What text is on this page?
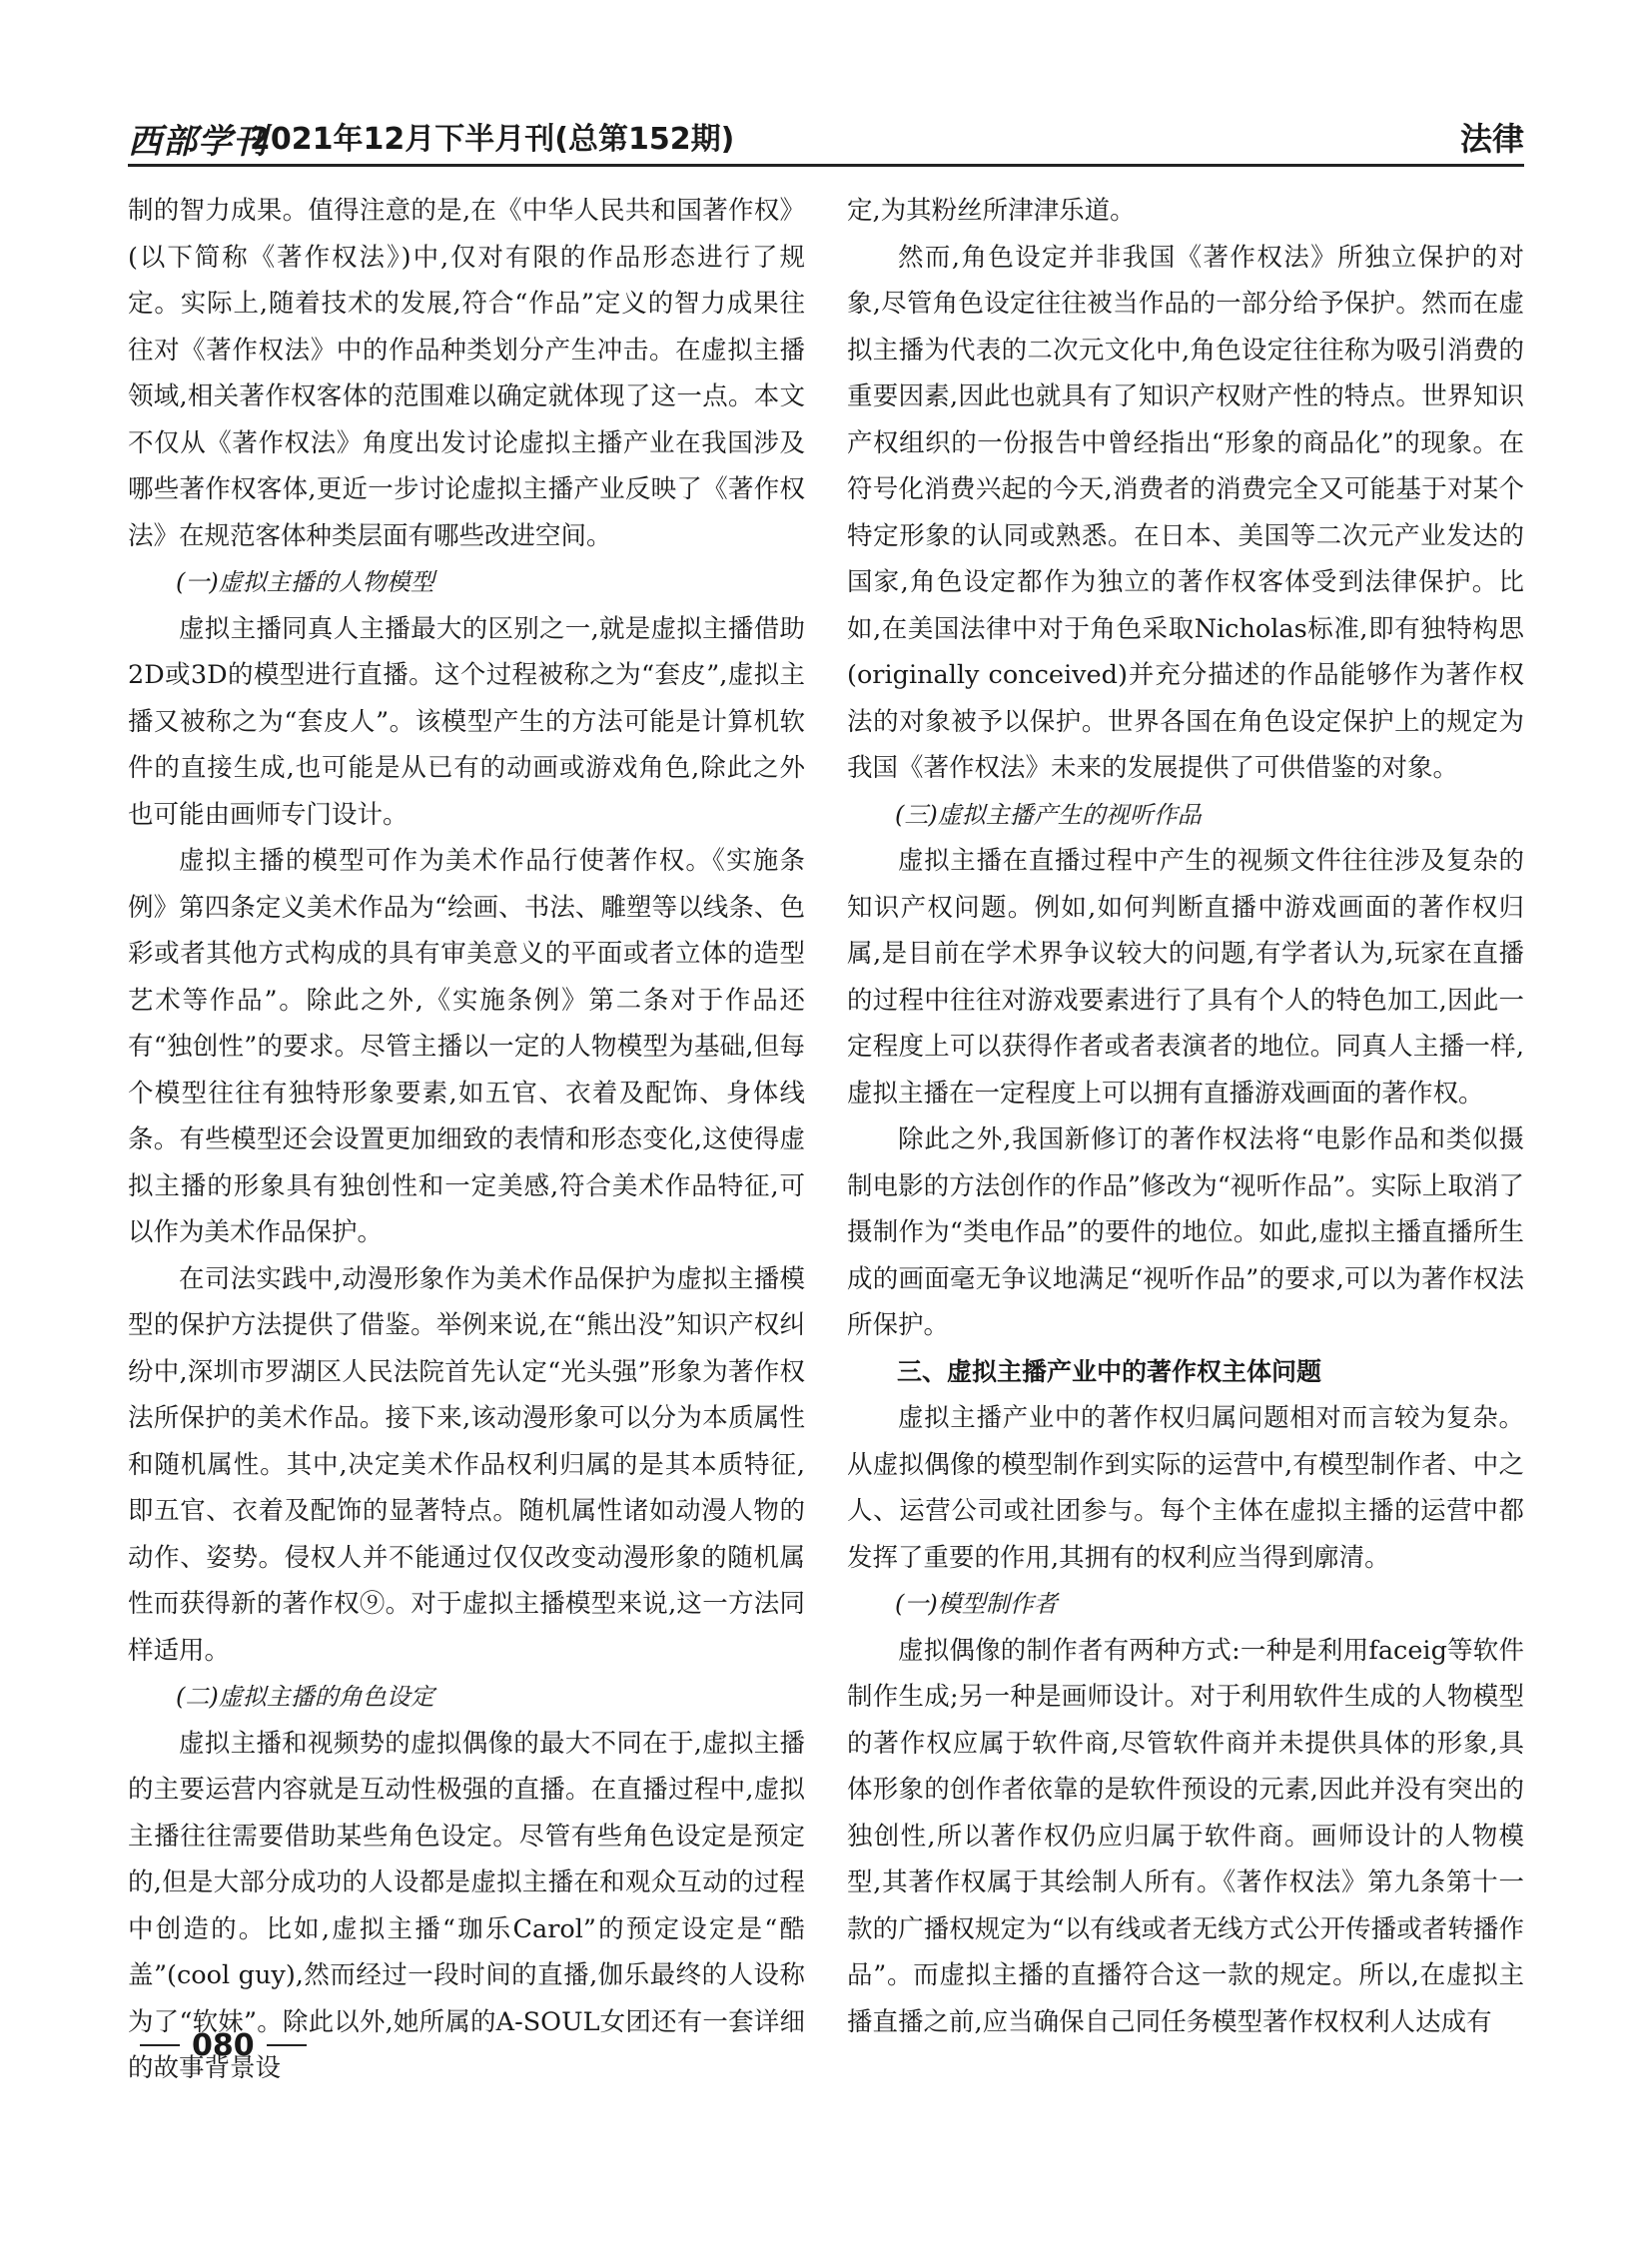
西部学刊
2021年12月下半月刊(总第152期)	法律

制的智力成果。值得注意的是,在《中华人民共和国著作权》(以下简称《著作权法》)中,仅对有限的作品形态进行了规定。实际上,随着技术的发展,符合“作品”定义的智力成果往往对《著作权法》中的作品种类划分产生冲击。在虚拟主播领域,相关著作权客体的范围难以确定就体现了这一点。本文不仅从《著作权法》角度出发讨论虚拟主播产业在我国涉及哪些著作权客体,更近一步讨论虚拟主播产业反映了《著作权法》在规范客体种类层面有哪些改进空间。

(一)虚拟主播的人物模型

虚拟主播同真人主播最大的区别之一,就是虚拟主播借助2D或3D的模型进行直播。这个过程被称之为“套皮”,虚拟主播又被称之为“套皮人”。该模型产生的方法可能是计算机软件的直接生成,也可能是从已有的动画或游戏角色,除此之外也可能由画师专门设计。

虚拟主播的模型可作为美术作品行使著作权。《实施条例》第四条定义美术作品为“绘画、书法、雕塑等以线条、色彩或者其他方式构成的具有审美意义的平面或者立体的造型艺术等作品”。除此之外,《实施条例》第二条对于作品还有“独创性”的要求。尽管主播以一定的人物模型为基础,但每个模型往往有独特形象要素,如五官、衣着及配饰、身体线条。有些模型还会设置更加细致的表情和形态变化,这使得虚拟主播的形象具有独创性和一定美感,符合美术作品特征,可以作为美术作品保护。

在司法实践中,动漫形象作为美术作品保护为虚拟主播模型的保护方法提供了借鉴。举例来说,在“熊出没”知识产权纠纷中,深圳市罗湖区人民法院首先认定“光头强”形象为著作权法所保护的美术作品。接下来,该动漫形象可以分为本质属性和随机属性。其中,决定美术作品权利归属的是其本质特征,即五官、衣着及配饰的显著特点。随机属性诸如动漫人物的动作、姿势。侵权人并不能通过仅仅改变动漫形象的随机属性而获得新的著作权⑨。对于虚拟主播模型来说,这一方法同样适用。

(二)虚拟主播的角色设定

虚拟主播和视频势的虚拟偶像的最大不同在于,虚拟主播的主要运营内容就是互动性极强的直播。在直播过程中,虚拟主播往往需要借助某些角色设定。尽管有些角色设定是预定的,但是大部分成功的人设都是虚拟主播在和观众互动的过程中创造的。比如,虚拟主播“珈乐Carol”的预定设定是“酷盖”(cool guy),然而经过一段时间的直播,伽乐最终的人设称为了“软妹”。除此以外,她所属的A-SOUL女团还有一套详细的故事背景设

定,为其粉丝所津津乐道。

然而,角色设定并非我国《著作权法》所独立保护的对象,尽管角色设定往往被当作品的一部分给予保护。然而在虚拟主播为代表的二次元文化中,角色设定往往称为吸引消费的重要因素,因此也就具有了知识产权财产性的特点。世界知识产权组织的一份报告中曾经指出“形象的商品化”的现象。在符号化消费兴起的今天,消费者的消费完全又可能基于对某个特定形象的认同或熟悉。在日本、美国等二次元产业发达的国家,角色设定都作为独立的著作权客体受到法律保护。比如,在美国法律中对于角色采取Nicholas标准,即有独特构思(originally conceived)并充分描述的作品能够作为著作权法的对象被予以保护。世界各国在角色设定保护上的规定为我国《著作权法》未来的发展提供了可供借鉴的对象。

(三)虚拟主播产生的视听作品

虚拟主播在直播过程中产生的视频文件往往涉及复杂的知识产权问题。例如,如何判断直播中游戏画面的著作权归属,是目前在学术界争议较大的问题,有学者认为,玩家在直播的过程中往往对游戏要素进行了具有个人的特色加工,因此一定程度上可以获得作者或者表演者的地位。同真人主播一样,虚拟主播在一定程度上可以拥有直播游戏画面的著作权。

除此之外,我国新修订的著作权法将“电影作品和类似摄制电影的方法创作的作品”修改为“视听作品”。实际上取消了摄制作为“类电作品”的要件的地位。如此,虚拟主播直播所生成的画面毫无争议地满足“视听作品”的要求,可以为著作权法所保护。

三、虚拟主播产业中的著作权主体问题

虚拟主播产业中的著作权归属问题相对而言较为复杂。从虚拟偶像的模型制作到实际的运营中,有模型制作者、中之人、运营公司或社团参与。每个主体在虚拟主播的运营中都发挥了重要的作用,其拥有的权利应当得到廓清。

(一)模型制作者

虚拟偶像的制作者有两种方式:一种是利用faceig等软件制作生成;另一种是画师设计。对于利用软件生成的人物模型的著作权应属于软件商,尽管软件商并未提供具体的形象,具体形象的创作者依靠的是软件预设的元素,因此并没有突出的独创性,所以著作权仍应归属于软件商。画师设计的人物模型,其著作权属于其绘制人所有。《著作权法》第九条第十一款的广播权规定为“以有线或者无线方式公开传播或者转播作品”。而虚拟主播的直播符合这一款的规定。所以,在虚拟主播直播之前,应当确保自己同任务模型著作权权利人达成有

080
